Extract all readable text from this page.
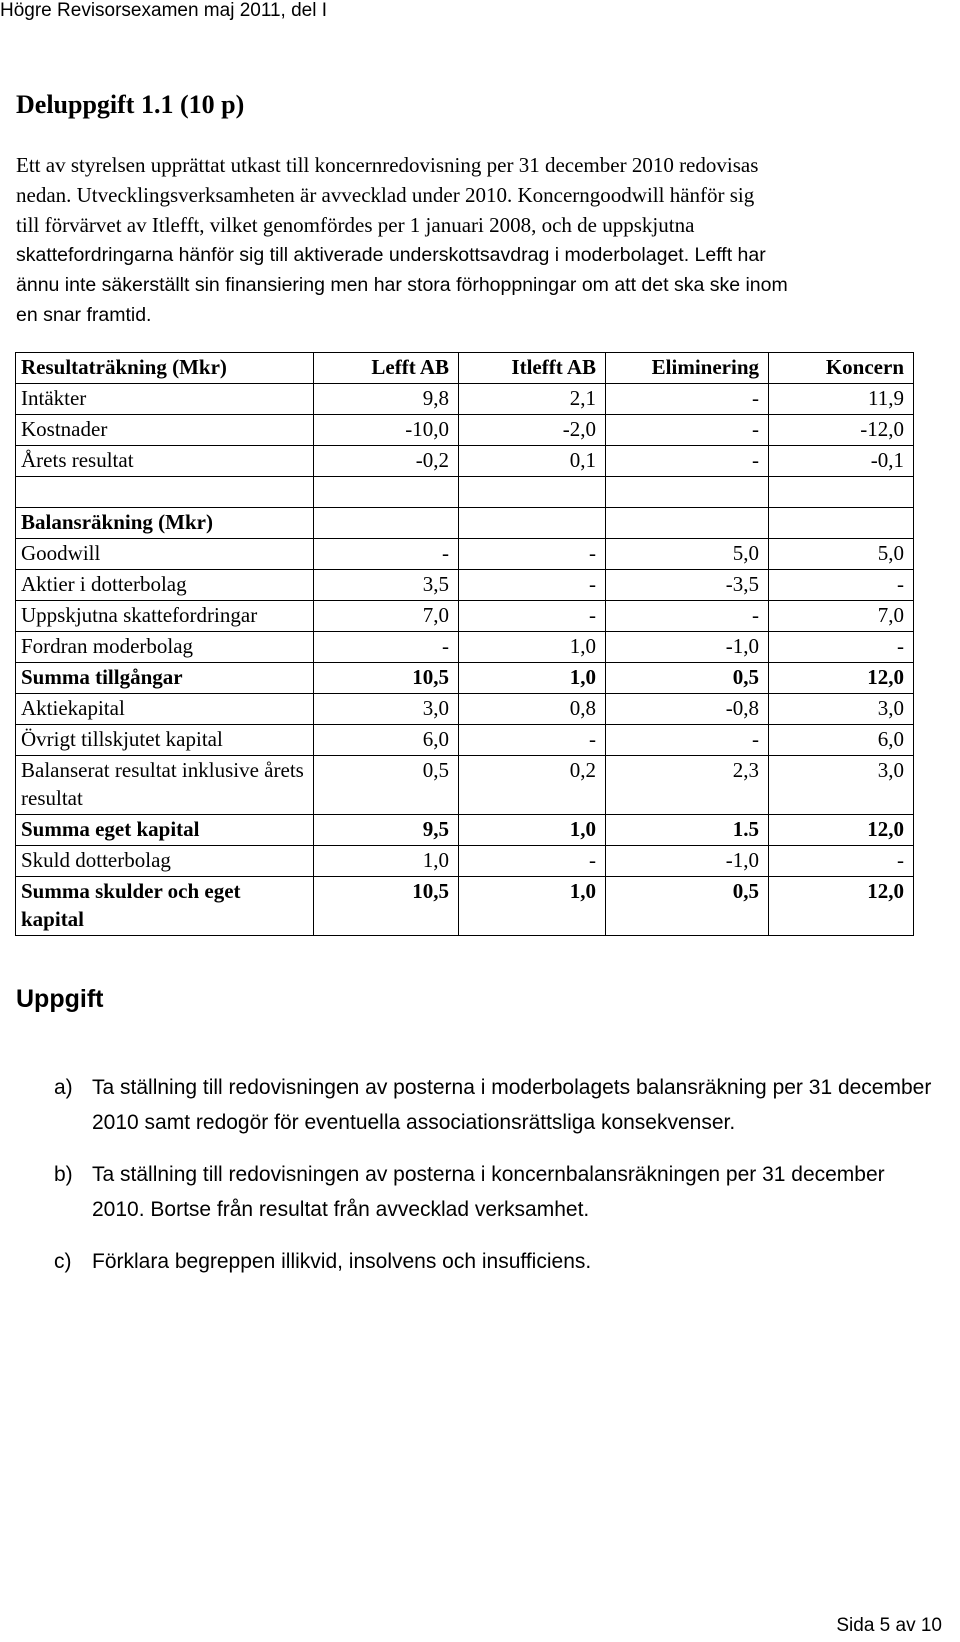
Högre Revisorsexamen maj 2011, del I
Deluppgift 1.1 (10 p)
Ett av styrelsen upprättat utkast till koncernredovisning per 31 december 2010 redovisas
nedan. Utvecklingsverksamheten är avvecklad under 2010. Koncerngoodwill hänför sig
till förvärvet av Itlefft, vilket genomfördes per 1 januari 2008, och de uppskjutna
skattefordringarna hänför sig till aktiverade underskottsavdrag i moderbolaget. Lefft har
ännu inte säkerställt sin finansiering men har stora förhoppningar om att det ska ske inom
en snar framtid.
Resultaträkning (Mkr)	Lefft AB	Itlefft AB	Eliminering	Koncern
Intäkter	9,8	2,1	-	11,9
Kostnader	-10,0	-2,0	-	-12,0
Årets resultat	-0,2	0,1	-	-0,1

Balansräkning (Mkr)				
Goodwill	-	-	5,0	5,0
Aktier i dotterbolag	3,5	-	-3,5	-
Uppskjutna skattefordringar	7,0	-	-	7,0
Fordran moderbolag	-	1,0	-1,0	-
Summa tillgångar	10,5	1,0	0,5	12,0
Aktiekapital	3,0	0,8	-0,8	3,0
Övrigt tillskjutet kapital	6,0	-	-	6,0
Balanserat resultat inklusive årets resultat	0,5	0,2	2,3	3,0
Summa eget kapital	9,5	1,0	1.5	12,0
Skuld dotterbolag	1,0	-	-1,0	-
Summa skulder och eget kapital	10,5	1,0	0,5	12,0
Uppgift
a) Ta ställning till redovisningen av posterna i moderbolagets balansräkning per 31 december 2010 samt redogör för eventuella associationsrättsliga konsekvenser.
b) Ta ställning till redovisningen av posterna i koncernbalansräkningen per 31 december 2010. Bortse från resultat från avvecklad verksamhet.
c) Förklara begreppen illikvid, insolvens och insufficiens.
Sida 5 av 10
